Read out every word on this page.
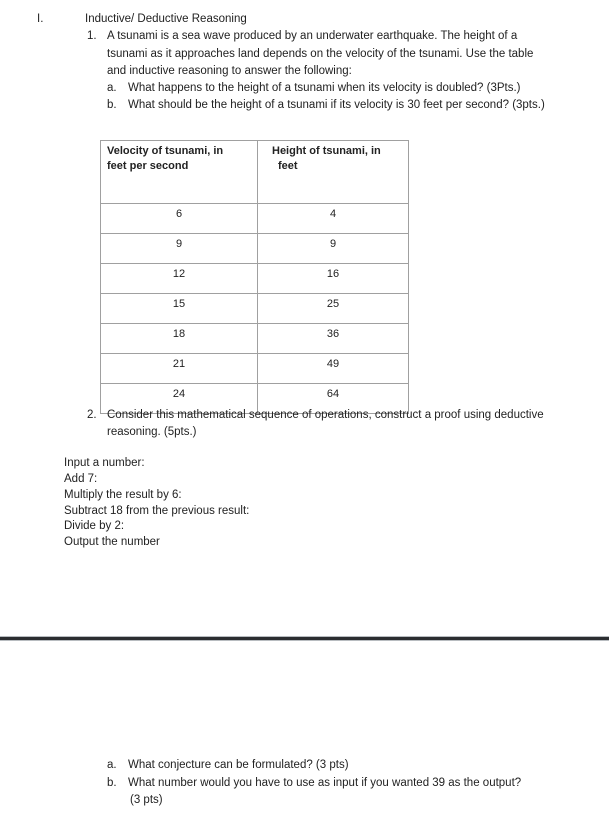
I.	Inductive/ Deductive Reasoning
1. A tsunami is a sea wave produced by an underwater earthquake. The height of a
tsunami as it approaches land depends on the velocity of the tsunami. Use the table
and inductive reasoning to answer the following:
a. What happens to the height of a tsunami when its velocity is doubled? (3Pts.)
b. What should be the height of a tsunami if its velocity is 30 feet per second? (3pts.)
Velocity of tsunami, in
feet per second	Height of tsunami, in
feet
6	4
9	9
12	16
15	25
18	36
21	49
24	64
2. Consider this mathematical sequence of operations, construct a proof using deductive
reasoning. (5pts.)
Input a number:
Add 7:
Multiply the result by 6:
Subtract 18 from the previous result:
Divide by 2:
Output the number
a. What conjecture can be formulated? (3 pts)
b. What number would you have to use as input if you wanted 39 as the output?
(3 pts)
